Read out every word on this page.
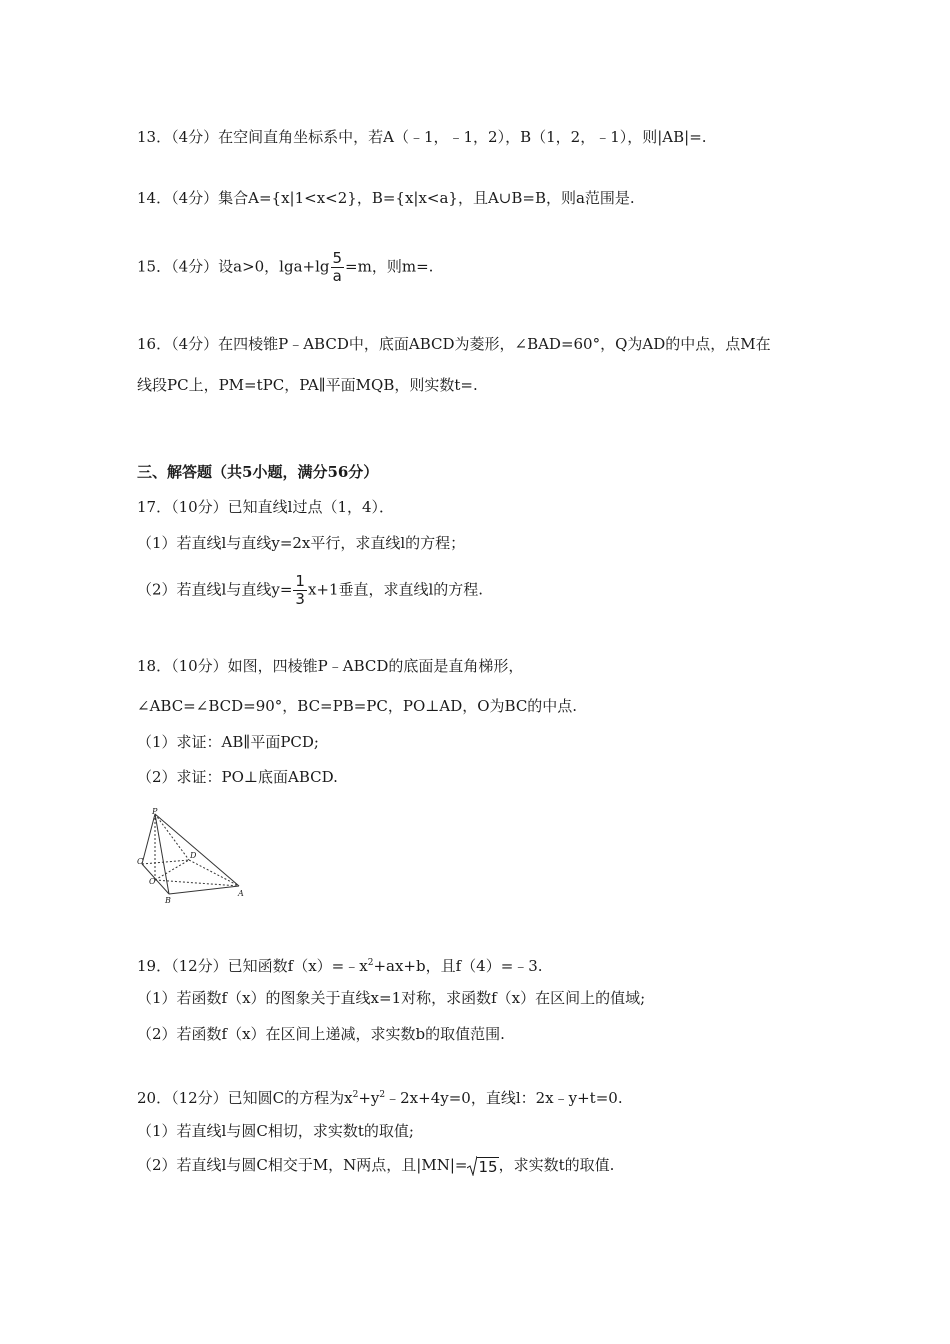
13．（4分）在空间直角坐标系中，若A（﹣1，﹣1，2），B（1，2，﹣1），则|AB|=.
14．（4分）集合A={x|1<x<2}，B={x|x<a}，且A∪B=B，则a范围是.
15．（4分）设a>0，$\lg a+\lg \frac{5}{a} =m$，则m=.
16．（4分）在四棱锥P﹣ABCD中，底面ABCD为菱形，∠BAD=60°，Q为AD的中点，点M在
线段PC上，PM=tPC，PA∥平面MQB，则实数t=.
三、解答题（共5小题，满分56分）
17．（10分）已知直线l过点（1，4）．
（1）若直线l与直线y=2x平行，求直线l的方程；
（2）若直线l与直线$y= \frac{1}{3} x+1$垂直，求直线l的方程.
18．（10分）如图，四棱锥P﹣ABCD的底面是直角梯形，
∠ABC=∠BCD=90°，BC=PB=PC，PO⊥AD，O为BC的中点.
（1）求证：AB∥平面PCD;
（2）求证：PO⊥底面ABCD.
P
C
D
O
B
A
19．（12分）已知函数$f(x)=﹣x^2+ax+b$，且f（4）=﹣3.
（1）若函数f（x）的图象关于直线x=1对称，求函数f（x）在区间上的值域;
（2）若函数f（x）在区间上递减，求实数b的取值范围.
20．（12分）已知圆C的方程为$x^2+y^2﹣2x+4y=0$，直线l：2x﹣y+t=0.
（1）若直线l与圆C相切，求实数t的取值;
（2）若直线l与圆C相交于M，N两点，且|MN|= 15 ，求实数t的取值.
